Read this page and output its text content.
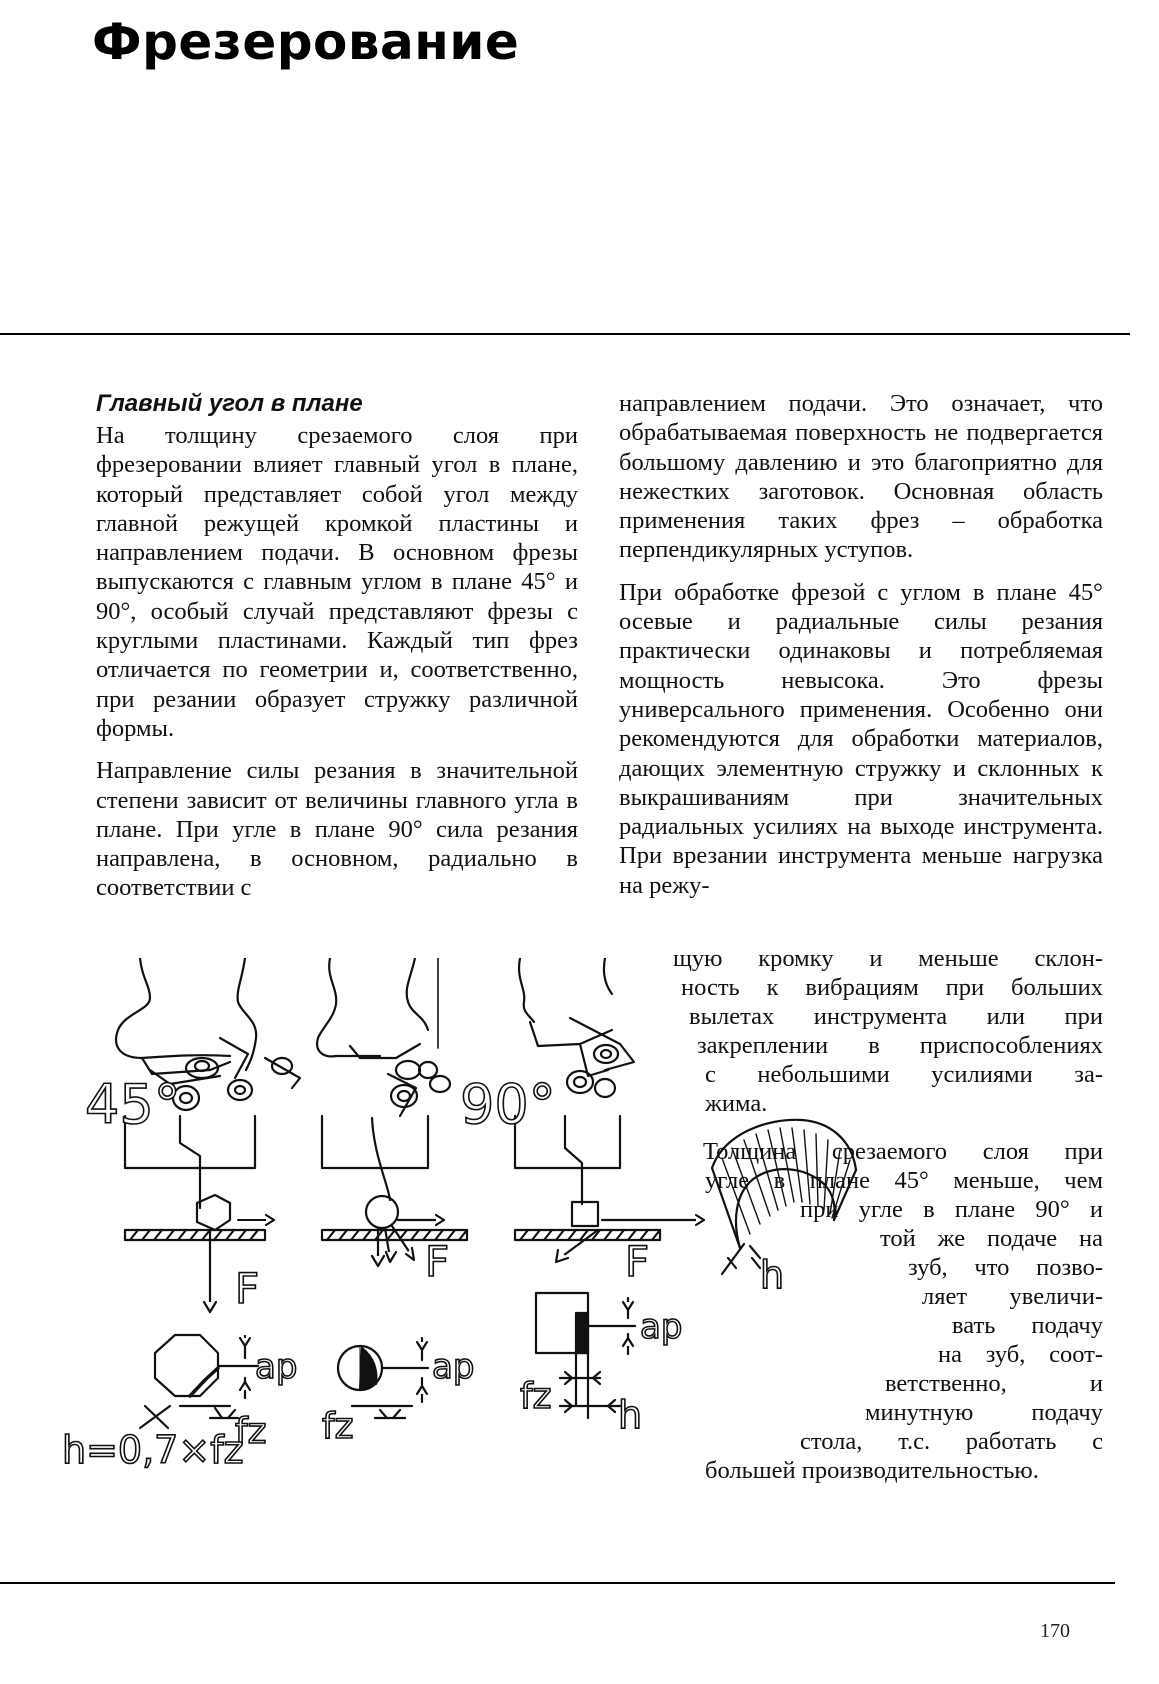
Фрезерование
Главный угол в плане

На толщину срезаемого слоя при фрезеровании влияет главный угол в плане, который представляет собой угол между главной режущей кромкой пластины и направлением подачи. В основном фрезы выпускаются с главным углом в плане 45° и 90°, особый случай представляют фрезы с круглыми пластинами. Каждый тип фрез отличается по геометрии и, соответственно, при резании образует стружку различной формы.

Направление силы резания в значительной степени зависит от величины главного угла в плане. При угле в плане 90° сила резания направлена, в основном, радиально в соответствии с

направлением подачи. Это означает, что обрабатываемая поверхность не подвергается большому давлению и это благоприятно для нежестких заготовок. Основная область применения таких фрез – обработка перпендикулярных уступов.

При обработке фрезой с углом в плане 45° осевые и радиальные силы резания практически одинаковы и потребляемая мощность невысока. Это фрезы универсального применения. Особенно они рекомендуются для обработки материалов, дающих элементную стружку и склонных к выкрашиваниям при значительных радиальных усилиях на выходе инструмента. При врезании инструмента меньше нагрузка на режу-

щую кромку и меньше склон-
ность к вибрациям при больших
вылетах инструмента или при
закреплении в приспособлениях
с небольшими усилиями за-
жима.
Толщина срезаемого слоя при
угле в плане 45° меньше, чем
при угле в плане 90° и
той же подаче на
зуб, что позво-
ляет увеличи-
вать подачу
на зуб, соот-
ветственно, и
минутную подачу
стола, т.с. работать с
большей производительностью.
45°	90°
F
F	F
ap	ap
ap
fz fz
fz h
h
h=0,7×fz
170
